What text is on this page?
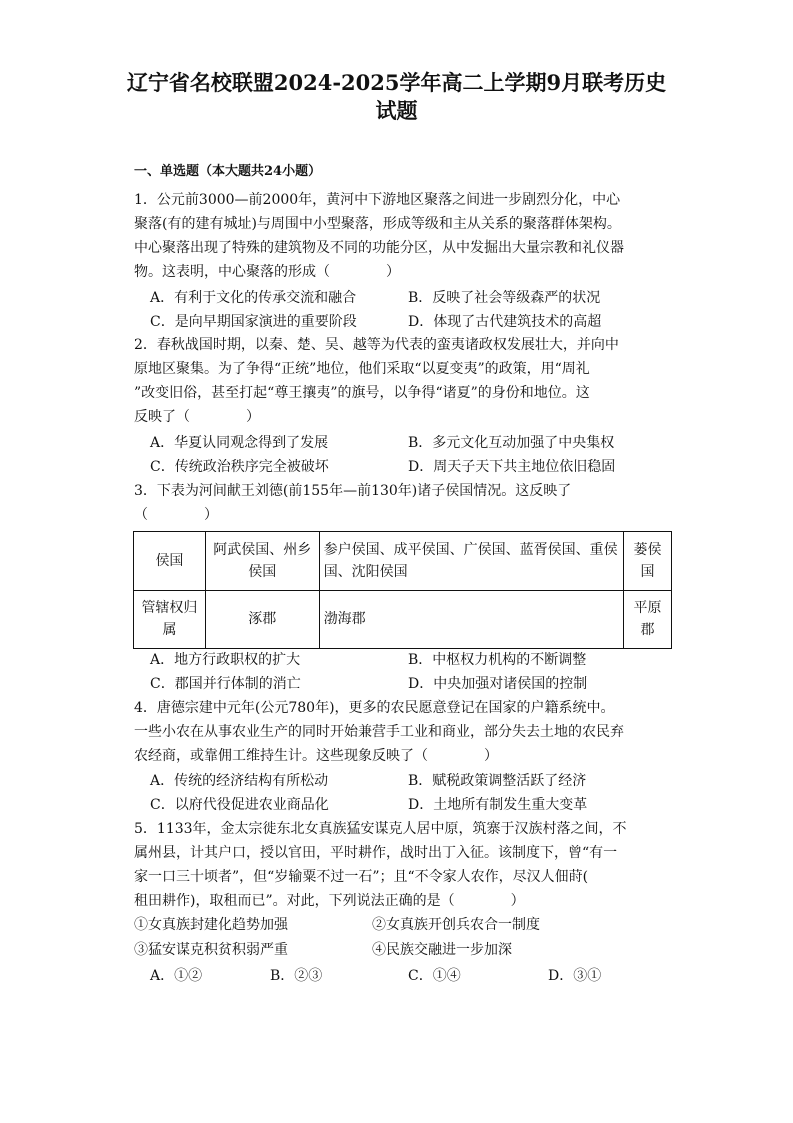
辽宁省名校联盟2024-2025学年高二上学期9月联考历史
试题
一、单选题（本大题共24小题）
1．公元前3000—前2000年，黄河中下游地区聚落之间进一步剧烈分化，中心
聚落(有的建有城址)与周围中小型聚落，形成等级和主从关系的聚落群体架构。
中心聚落出现了特殊的建筑物及不同的功能分区，从中发掘出大量宗教和礼仪器
物。这表明，中心聚落的形成（　　　　）
A．有利于文化的传承交流和融合	B．反映了社会等级森严的状况
C．是向早期国家演进的重要阶段	D．体现了古代建筑技术的高超
2．春秋战国时期，以秦、楚、吴、越等为代表的蛮夷诸政权发展壮大，并向中
原地区聚集。为了争得“正统”地位，他们采取“以夏变夷”的政策，用“周礼
”改变旧俗，甚至打起“尊王攘夷”的旗号，以争得“诸夏”的身份和地位。这
反映了（　　　　）
A．华夏认同观念得到了发展	B．多元文化互动加强了中央集权
C．传统政治秩序完全被破坏	D．周天子天下共主地位依旧稳固
3．下表为河间献王刘德(前155年—前130年)诸子侯国情况。这反映了
（　　　　）
侯国	阿武侯国、州乡侯国	参户侯国、成平侯国、广侯国、蓝胥侯国、重侯国、沈阳侯国	蒌侯国
管辖权归属	涿郡	渤海郡	平原郡
A．地方行政职权的扩大	B．中枢权力机构的不断调整
C．郡国并行体制的消亡	D．中央加强对诸侯国的控制
4．唐德宗建中元年(公元780年)，更多的农民愿意登记在国家的户籍系统中。
一些小农在从事农业生产的同时开始兼营手工业和商业，部分失去土地的农民弃
农经商，或靠佣工维持生计。这些现象反映了（　　　　）
A．传统的经济结构有所松动	B．赋税政策调整活跃了经济
C．以府代役促进农业商品化	D．土地所有制发生重大变革
5．1133年，金太宗徙东北女真族猛安谋克人居中原，筑寨于汉族村落之间，不
属州县，计其户口，授以官田，平时耕作，战时出丁入征。该制度下，曾“有一
家一口三十顷者”，但“岁输粟不过一石”；且“不令家人农作，尽汉人佃莳(
租田耕作)，取租而已”。对此，下列说法正确的是（　　　　）
①女真族封建化趋势加强	②女真族开创兵农合一制度
③猛安谋克积贫积弱严重	④民族交融进一步加深
A．①②	B．②③	C．①④	D．③①
